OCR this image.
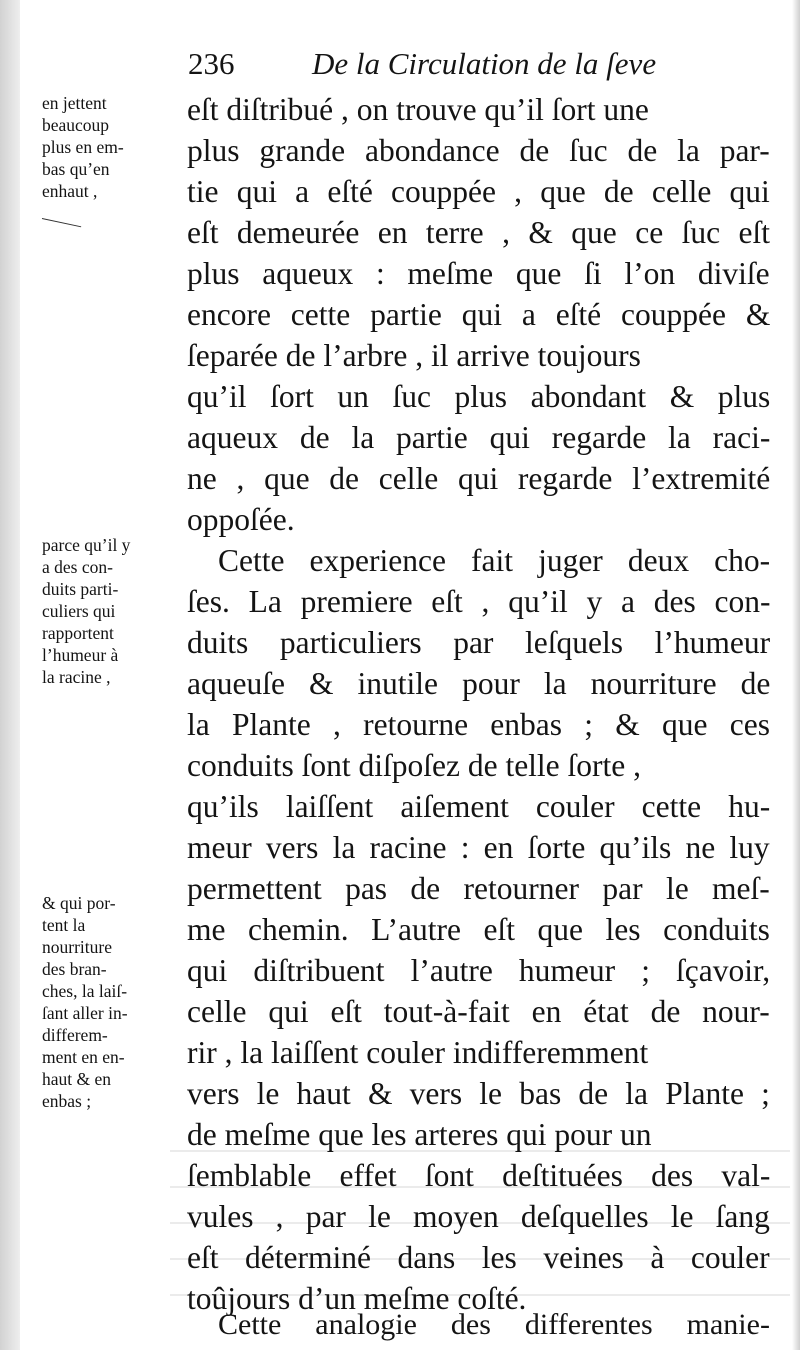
236	De la Circulation de la ſeve
eſt diſtribué , on trouve qu’il ſort une
plus grande abondance de ſuc de la par-
tie qui a eſté couppée , que de celle qui
eſt demeurée en terre , & que ce ſuc eſt
plus aqueux : meſme que ſi l’on diviſe
encore cette partie qui a eſté couppée &
ſeparée de l’arbre , il arrive toujours
qu’il ſort un ſuc plus abondant & plus
aqueux de la partie qui regarde la raci-
ne , que de celle qui regarde l’extremité
oppoſée.
Cette experience fait juger deux cho-
ſes. La premiere eſt , qu’il y a des con-
duits particuliers par leſquels l’humeur
aqueuſe & inutile pour la nourriture de
la Plante , retourne enbas ; & que ces
conduits ſont diſpoſez de telle ſorte ,
qu’ils laiſſent aiſement couler cette hu-
meur vers la racine : en ſorte qu’ils ne luy
permettent pas de retourner par le meſ-
me chemin. L’autre eſt que les conduits
qui diſtribuent l’autre humeur ; ſçavoir,
celle qui eſt tout-à-fait en état de nour-
rir , la laiſſent couler indifferemment
vers le haut & vers le bas de la Plante ;
de meſme que les arteres qui pour un
ſemblable effet ſont deſtituées des val-
vules , par le moyen deſquelles le ſang
eſt déterminé dans les veines à couler
toûjours d’un meſme coſté.
Cette analogie des differentes manie-
en jettent
beaucoup
plus en em-
bas qu’en
enhaut ,
parce qu’il y
a des con-
duits parti-
culiers qui
rapportent
l’humeur à
la racine ,
& qui por-
tent la
nourriture
des bran-
ches, la laiſ-
ſant aller in-
differem-
ment en en-
haut & en
enbas ;
